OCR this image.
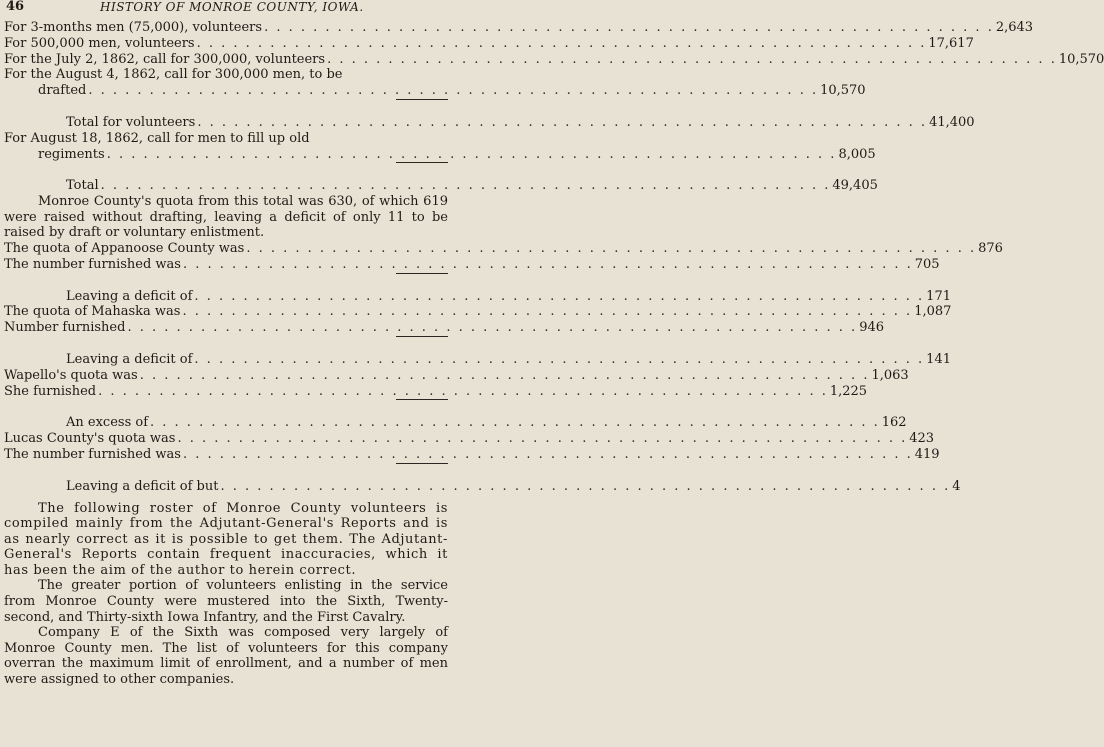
46	HISTORY OF MONROE COUNTY, IOWA.
For 3-months men (75,000), volunteers . . . . . . . . . . . . . . . . . . . . . . . . . . . . . . . . . . . . . . . . . . . . . . . . . . . . . . . . . . . . 2,643
For 500,000 men, volunteers . . . . . . . . . . . . . . . . . . . . . . . . . . . . . . . . . . . . . . . . . . . . . . . . . . . . . . . . . . . . 17,617
For the July 2, 1862, call for 300,000, volunteers . . . . . . . . . . . . . . . . . . . . . . . . . . . . . . . . . . . . . . . . . . . . . . . . . . . . . . . . . . . . 10,570
For the August 4, 1862, call for 300,000 men, to be
drafted . . . . . . . . . . . . . . . . . . . . . . . . . . . . . . . . . . . . . . . . . . . . . . . . . . . . . . . . . . . . 10,570
Total for volunteers . . . . . . . . . . . . . . . . . . . . . . . . . . . . . . . . . . . . . . . . . . . . . . . . . . . . . . . . . . . . 41,400
For August 18, 1862, call for men to fill up old
regiments . . . . . . . . . . . . . . . . . . . . . . . . . . . . . . . . . . . . . . . . . . . . . . . . . . . . . . . . . . . . 8,005
Total . . . . . . . . . . . . . . . . . . . . . . . . . . . . . . . . . . . . . . . . . . . . . . . . . . . . . . . . . . . . 49,405

Monroe County's quota from this total was 630, of which 619 were raised without drafting, leaving a deficit of only 11 to be raised by draft or voluntary enlistment.

The quota of Appanoose County was . . . . . . . . . . . . . . . . . . . . . . . . . . . . . . . . . . . . . . . . . . . . . . . . . . . . . . . . . . . . 876
The number furnished was . . . . . . . . . . . . . . . . . . . . . . . . . . . . . . . . . . . . . . . . . . . . . . . . . . . . . . . . . . . . 705
Leaving a deficit of . . . . . . . . . . . . . . . . . . . . . . . . . . . . . . . . . . . . . . . . . . . . . . . . . . . . . . . . . . . . 171
The quota of Mahaska was . . . . . . . . . . . . . . . . . . . . . . . . . . . . . . . . . . . . . . . . . . . . . . . . . . . . . . . . . . . . 1,087
Number furnished . . . . . . . . . . . . . . . . . . . . . . . . . . . . . . . . . . . . . . . . . . . . . . . . . . . . . . . . . . . . 946
Leaving a deficit of . . . . . . . . . . . . . . . . . . . . . . . . . . . . . . . . . . . . . . . . . . . . . . . . . . . . . . . . . . . . 141
Wapello's quota was . . . . . . . . . . . . . . . . . . . . . . . . . . . . . . . . . . . . . . . . . . . . . . . . . . . . . . . . . . . . 1,063
She furnished . . . . . . . . . . . . . . . . . . . . . . . . . . . . . . . . . . . . . . . . . . . . . . . . . . . . . . . . . . . . 1,225
An excess of . . . . . . . . . . . . . . . . . . . . . . . . . . . . . . . . . . . . . . . . . . . . . . . . . . . . . . . . . . . . 162
Lucas County's quota was . . . . . . . . . . . . . . . . . . . . . . . . . . . . . . . . . . . . . . . . . . . . . . . . . . . . . . . . . . . . 423
The number furnished was . . . . . . . . . . . . . . . . . . . . . . . . . . . . . . . . . . . . . . . . . . . . . . . . . . . . . . . . . . . . 419
Leaving a deficit of but . . . . . . . . . . . . . . . . . . . . . . . . . . . . . . . . . . . . . . . . . . . . . . . . . . . . . . . . . . . . 4

The following roster of Monroe County volunteers is compiled mainly from the Adjutant-General's Reports and is as nearly correct as it is possible to get them. The Adjutant-General's Reports contain frequent inaccuracies, which it has been the aim of the author to herein correct.

The greater portion of volunteers enlisting in the service from Monroe County were mustered into the Sixth, Twenty-second, and Thirty-sixth Iowa Infantry, and the First Cavalry.

Company E of the Sixth was composed very largely of Monroe County men. The list of volunteers for this company overran the maximum limit of enrollment, and a number of men were assigned to other companies.
